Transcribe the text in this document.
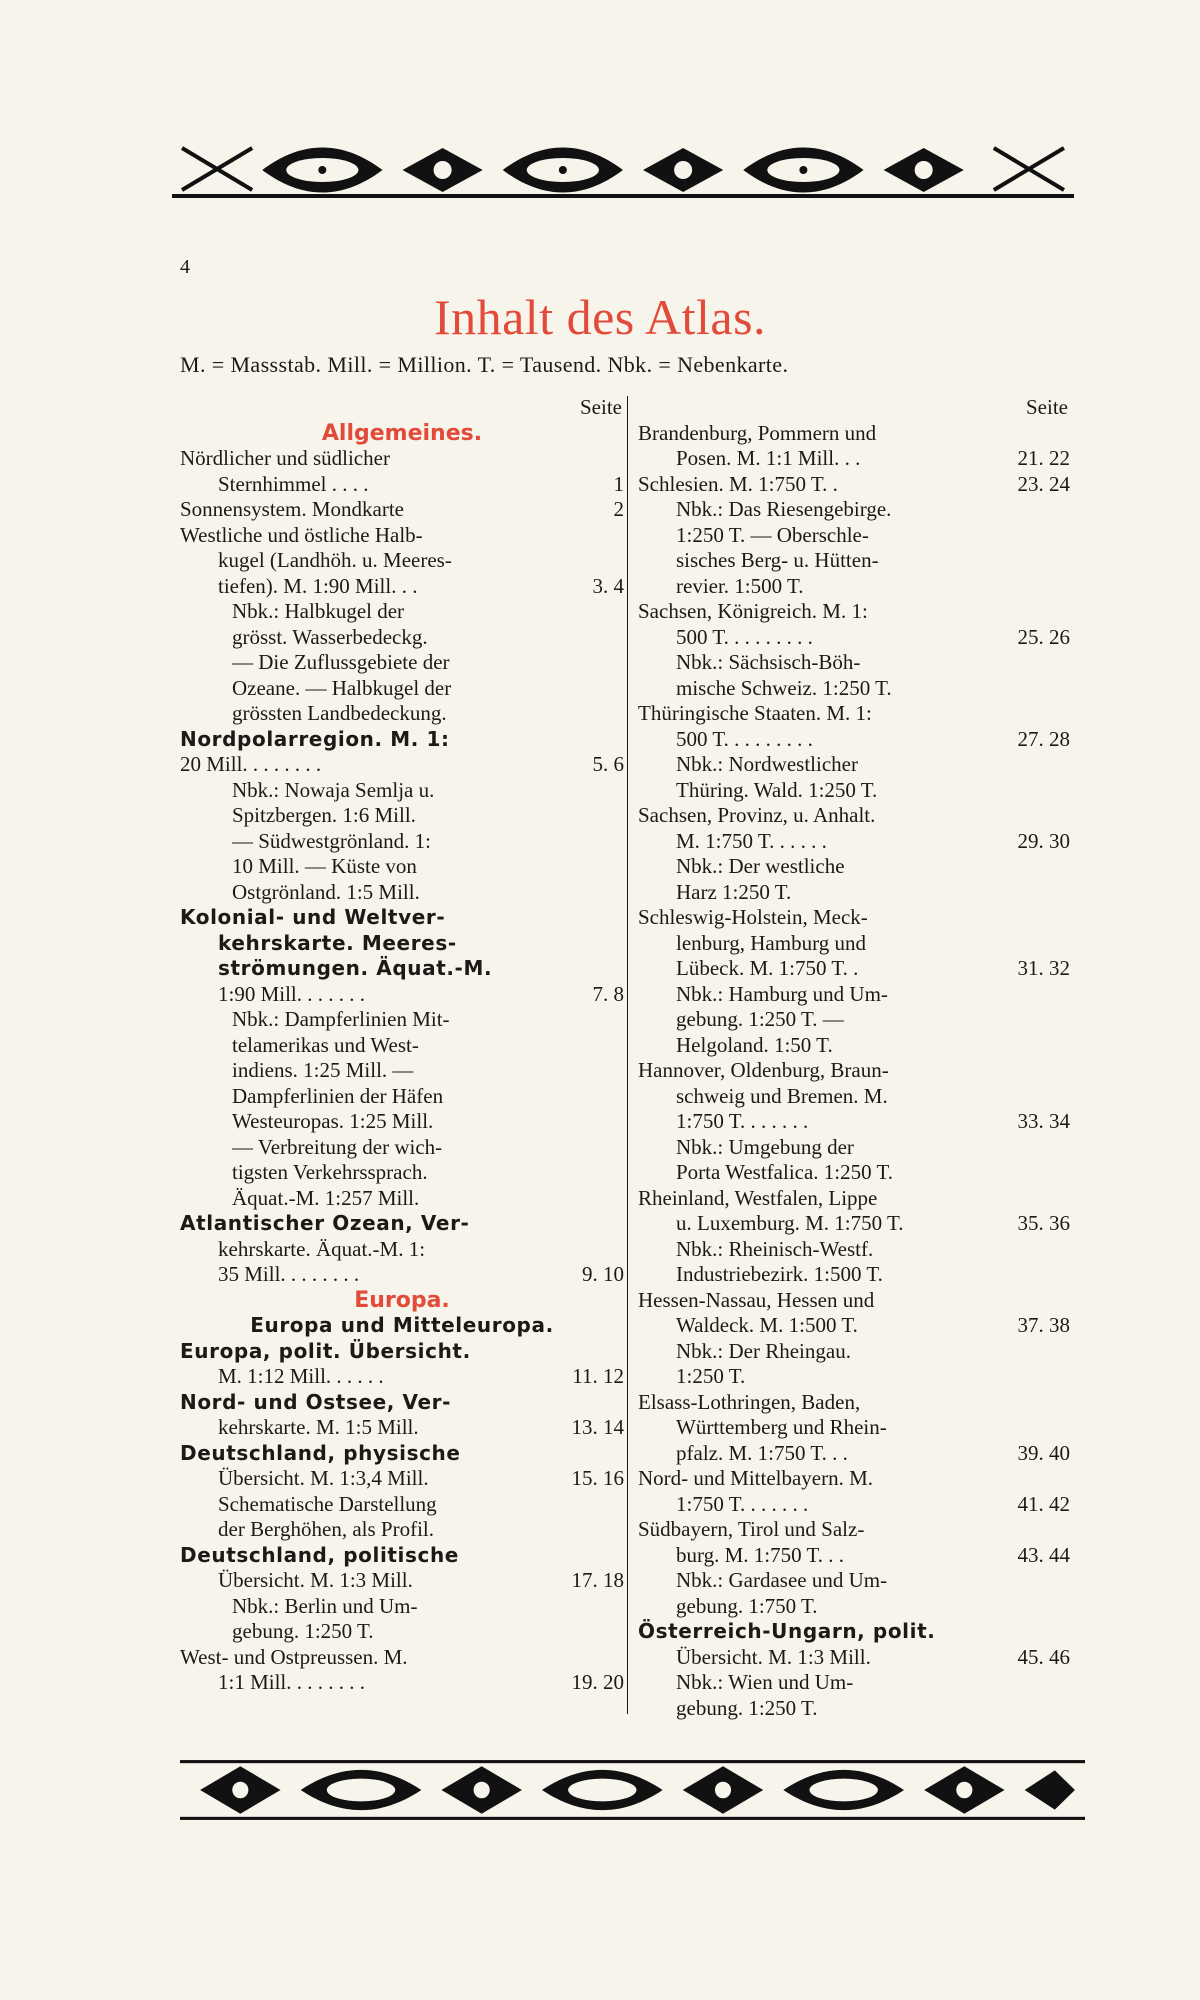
4
Inhalt des Atlas.
M. = Massstab. Mill. = Million. T. = Tausend. Nbk. = Nebenkarte.
Seite
Allgemeines.
Nördlicher und südlicher
Sternhimmel . . . .	1
Sonnensystem. Mondkarte	2
Westliche und östliche Halb-
kugel (Landhöh. u. Meeres-
tiefen). M. 1:90 Mill. . .	3. 4
Nbk.: Halbkugel der
grösst. Wasserbedeckg.
— Die Zuflussgebiete der
Ozeane. — Halbkugel der
grössten Landbedeckung.
Nordpolarregion. M. 1:
20 Mill. . . . . . . .	5. 6
Nbk.: Nowaja Semlja u.
Spitzbergen. 1:6 Mill.
— Südwestgrönland. 1:
10 Mill. — Küste von
Ostgrönland. 1:5 Mill.
Kolonial- und Weltver-
kehrskarte. Meeres-
strömungen. Äquat.-M.
1:90 Mill. . . . . . .	7. 8
Nbk.: Dampferlinien Mit-
telamerikas und West-
indiens. 1:25 Mill. —
Dampferlinien der Häfen
Westeuropas. 1:25 Mill.
— Verbreitung der wich-
tigsten Verkehrssprach.
Äquat.-M. 1:257 Mill.
Atlantischer Ozean, Ver-
kehrskarte. Äquat.-M. 1:
35 Mill. . . . . . . .	9. 10
Europa.
Europa und Mitteleuropa.
Europa, polit. Übersicht.
M. 1:12 Mill. . . . . .	11. 12
Nord- und Ostsee, Ver-
kehrskarte. M. 1:5 Mill.	13. 14
Deutschland, physische
Übersicht. M. 1:3,4 Mill.	15. 16
Schematische Darstellung
der Berghöhen, als Profil.
Deutschland, politische
Übersicht. M. 1:3 Mill.	17. 18
Nbk.: Berlin und Um-
gebung. 1:250 T.
West- und Ostpreussen. M.
1:1 Mill. . . . . . . .	19. 20
Seite
Brandenburg, Pommern und
Posen. M. 1:1 Mill. . .	21. 22
Schlesien. M. 1:750 T. .	23. 24
Nbk.: Das Riesengebirge.
1:250 T. — Oberschle-
sisches Berg- u. Hütten-
revier. 1:500 T.
Sachsen, Königreich. M. 1:
500 T. . . . . . . . .	25. 26
Nbk.: Sächsisch-Böh-
mische Schweiz. 1:250 T.
Thüringische Staaten. M. 1:
500 T. . . . . . . . .	27. 28
Nbk.: Nordwestlicher
Thüring. Wald. 1:250 T.
Sachsen, Provinz, u. Anhalt.
M. 1:750 T. . . . . .	29. 30
Nbk.: Der westliche
Harz 1:250 T.
Schleswig-Holstein, Meck-
lenburg, Hamburg und
Lübeck. M. 1:750 T. .	31. 32
Nbk.: Hamburg und Um-
gebung. 1:250 T. —
Helgoland. 1:50 T.
Hannover, Oldenburg, Braun-
schweig und Bremen. M.
1:750 T. . . . . . .	33. 34
Nbk.: Umgebung der
Porta Westfalica. 1:250 T.
Rheinland, Westfalen, Lippe
u. Luxemburg. M. 1:750 T.	35. 36
Nbk.: Rheinisch-Westf.
Industriebezirk. 1:500 T.
Hessen-Nassau, Hessen und
Waldeck. M. 1:500 T.	37. 38
Nbk.: Der Rheingau.
1:250 T.
Elsass-Lothringen, Baden,
Württemberg und Rhein-
pfalz. M. 1:750 T. . .	39. 40
Nord- und Mittelbayern. M.
1:750 T. . . . . . .	41. 42
Südbayern, Tirol und Salz-
burg. M. 1:750 T. . .	43. 44
Nbk.: Gardasee und Um-
gebung. 1:750 T.
Österreich-Ungarn, polit.
Übersicht. M. 1:3 Mill.	45. 46
Nbk.: Wien und Um-
gebung. 1:250 T.
